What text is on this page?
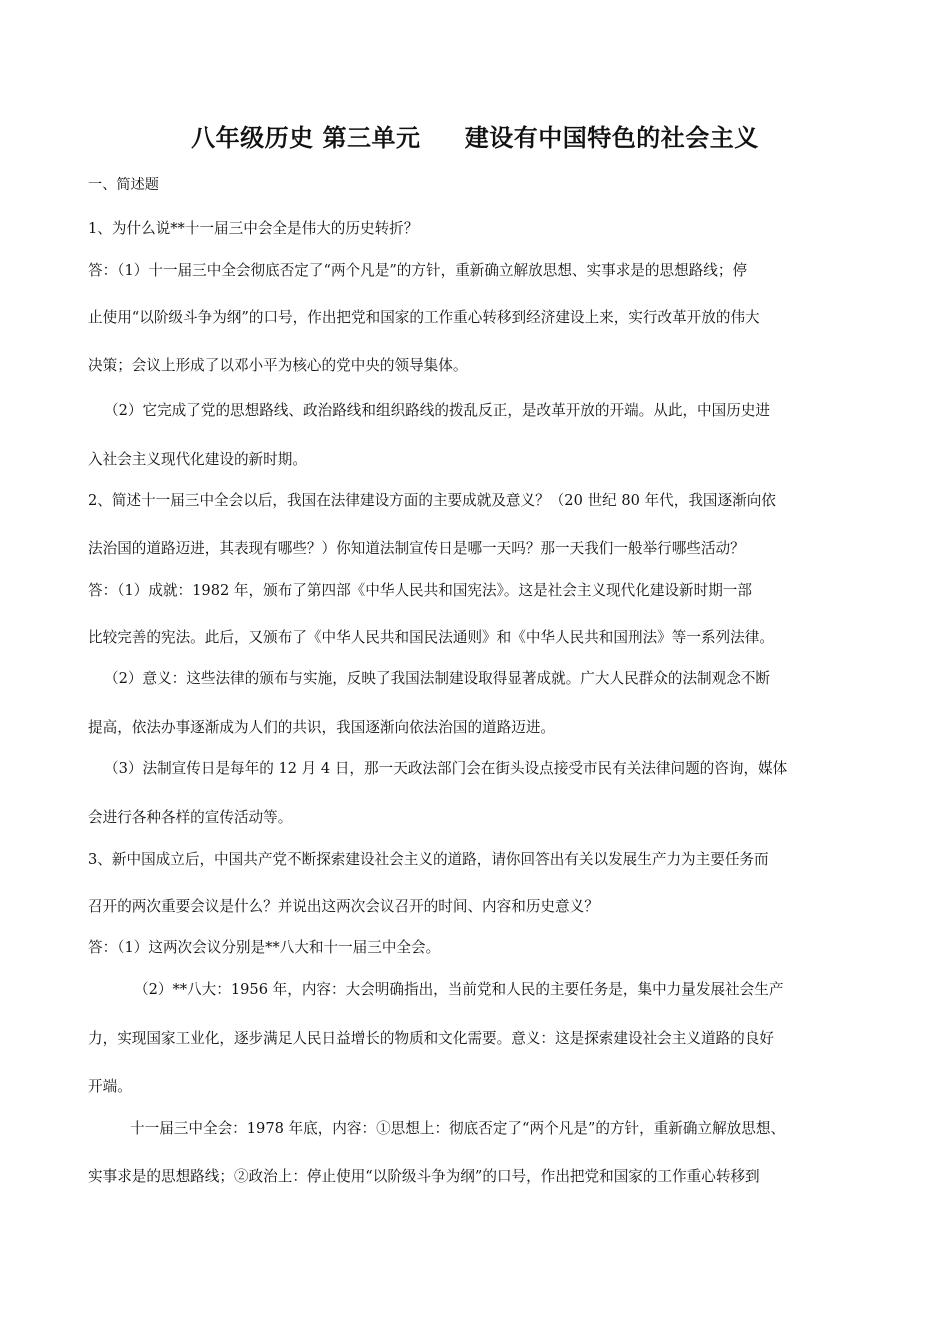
八年级历史 第三单元     建设有中国特色的社会主义
一、简述题
1、为什么说**十一届三中会全是伟大的历史转折？
答：（1）十一届三中全会彻底否定了“两个凡是”的方针，重新确立解放思想、实事求是的思想路线；停
止使用“以阶级斗争为纲”的口号，作出把党和国家的工作重心转移到经济建设上来，实行改革开放的伟大
决策；会议上形成了以邓小平为核心的党中央的领导集体。
（2）它完成了党的思想路线、政治路线和组织路线的拨乱反正，是改革开放的开端。从此，中国历史进
入社会主义现代化建设的新时期。
2、简述十一届三中全会以后，我国在法律建设方面的主要成就及意义？（20 世纪 80 年代，我国逐渐向依
法治国的道路迈进，其表现有哪些？）你知道法制宣传日是哪一天吗？那一天我们一般举行哪些活动？
答：（1）成就：1982 年，颁布了第四部《中华人民共和国宪法》。这是社会主义现代化建设新时期一部
比较完善的宪法。此后，又颁布了《中华人民共和国民法通则》和《中华人民共和国刑法》等一系列法律。
（2）意义：这些法律的颁布与实施，反映了我国法制建设取得显著成就。广大人民群众的法制观念不断
提高，依法办事逐渐成为人们的共识，我国逐渐向依法治国的道路迈进。
（3）法制宣传日是每年的 12 月 4 日，那一天政法部门会在街头设点接受市民有关法律问题的咨询，媒体
会进行各种各样的宣传活动等。
3、新中国成立后，中国共产党不断探索建设社会主义的道路，请你回答出有关以发展生产力为主要任务而
召开的两次重要会议是什么？并说出这两次会议召开的时间、内容和历史意义？
答：（1）这两次会议分别是**八大和十一届三中全会。
（2）**八大：1956 年，内容：大会明确指出，当前党和人民的主要任务是，集中力量发展社会生产
力，实现国家工业化，逐步满足人民日益增长的物质和文化需要。意义：这是探索建设社会主义道路的良好
开端。
十一届三中全会：1978 年底，内容：①思想上：彻底否定了“两个凡是”的方针，重新确立解放思想、
实事求是的思想路线；②政治上：停止使用“以阶级斗争为纲”的口号，作出把党和国家的工作重心转移到
